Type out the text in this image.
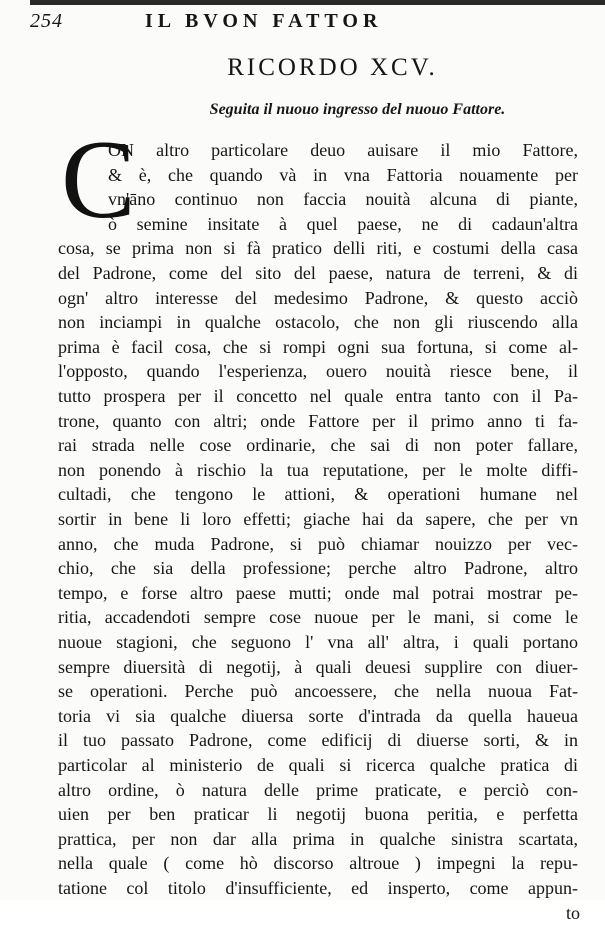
254	IL BVON FATTOR
RICORDO XCV.
Seguita il nuouo ingresso del nuouo Fattore.
C
ON altro particolare deuo auisare il mio Fattore,
& è, che quando và in vna Fattoria nouamente per
vn'āno continuo non faccia nouità alcuna di piante,
ò semine insitate à quel paese, ne di cadaun'altra
cosa, se prima non si fà pratico delli riti, e costumi della casa
del Padrone, come del sito del paese, natura de terreni, & di
ogn' altro interesse del medesimo Padrone, & questo acciò
non inciampi in qualche ostacolo, che non gli riuscendo alla
prima è facil cosa, che si rompi ogni sua fortuna, si come al-
l'opposto, quando l'esperienza, ouero nouità riesce bene, il
tutto prospera per il concetto nel quale entra tanto con il Pa-
trone, quanto con altri; onde Fattore per il primo anno ti fa-
rai strada nelle cose ordinarie, che sai di non poter fallare,
non ponendo à rischio la tua reputatione, per le molte diffi-
cultadi, che tengono le attioni, & operationi humane nel
sortir in bene li loro effetti; giache hai da sapere, che per vn
anno, che muda Padrone, si può chiamar nouizzo per vec-
chio, che sia della professione; perche altro Padrone, altro
tempo, e forse altro paese mutti; onde mal potrai mostrar pe-
ritia, accadendoti sempre cose nuoue per le mani, si come le
nuoue stagioni, che seguono l' vna all' altra, i quali portano
sempre diuersità di negotij, à quali deuesi supplire con diuer-
se operationi. Perche può ancoessere, che nella nuoua Fat-
toria vi sia qualche diuersa sorte d'intrada da quella haueua
il tuo passato Padrone, come edificij di diuerse sorti, & in
particolar al ministerio de quali si ricerca qualche pratica di
altro ordine, ò natura delle prime praticate, e perciò con-
uien per ben praticar li negotij buona peritia, e perfetta
prattica, per non dar alla prima in qualche sinistra scartata,
nella quale ( come hò discorso altroue ) impegni la repu-
tatione col titolo d'insufficiente, ed insperto, come appun-
to
